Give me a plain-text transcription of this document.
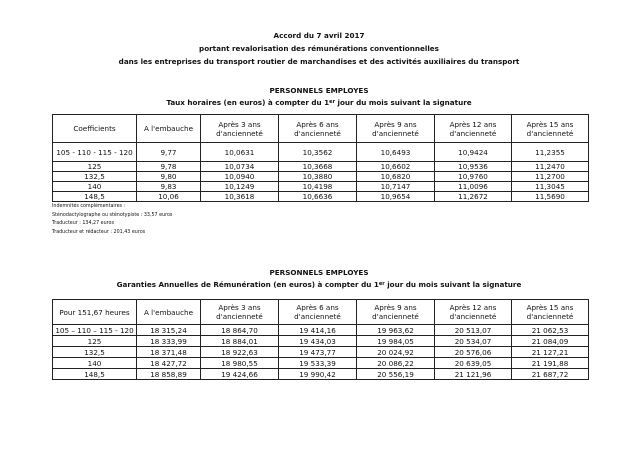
Accord du 7 avril 2017
portant revalorisation des rémunérations conventionnelles
dans les entreprises du transport routier de marchandises et des activités auxiliaires du transport
PERSONNELS EMPLOYES
Taux horaires (en euros) à compter du 1er jour du mois suivant la signature
Coefficients	A l'embauche	Après 3 ans d'ancienneté	Après 6 ans d'ancienneté	Après 9 ans d'ancienneté	Après 12 ans d'ancienneté	Après 15 ans d'ancienneté
105 - 110 - 115 - 120	9,77	10,0631	10,3562	10,6493	10,9424	11,2355
125	9,78	10,0734	10,3668	10,6602	10,9536	11,2470
132,5	9,80	10,0940	10,3880	10,6820	10,9760	11,2700
140	9,83	10,1249	10,4198	10,7147	11,0096	11,3045
148,5	10,06	10,3618	10,6636	10,9654	11,2672	11,5690
Indemnités complémentaires :
Sténodactylographe ou sténotypiste : 33,57 euros
Traducteur : 134,27 euros
Traducteur et rédacteur : 201,43 euros
PERSONNELS EMPLOYES
Garanties Annuelles de Rémunération (en euros) à compter du 1er jour du mois suivant la signature
Pour 151,67 heures	A l'embauche	Après 3 ans d'ancienneté	Après 6 ans d'ancienneté	Après 9 ans d'ancienneté	Après 12 ans d'ancienneté	Après 15 ans d'ancienneté
105 – 110 – 115 - 120	18 315,24	18 864,70	19 414,16	19 963,62	20 513,07	21 062,53
125	18 333,99	18 884,01	19 434,03	19 984,05	20 534,07	21 084,09
132,5	18 371,48	18 922,63	19 473,77	20 024,92	20 576,06	21 127,21
140	18 427,72	18 980,55	19 533,39	20 086,22	20 639,05	21 191,88
148,5	18 858,89	19 424,66	19 990,42	20 556,19	21 121,96	21 687,72
